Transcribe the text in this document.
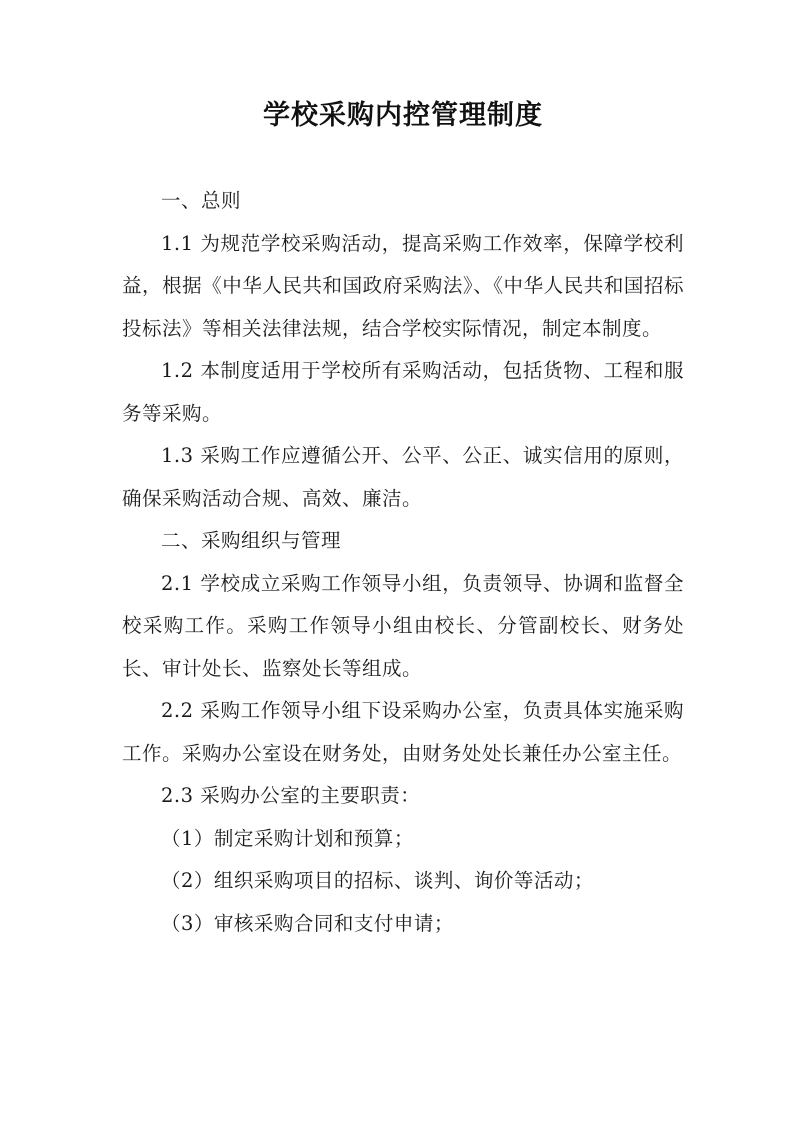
学校采购内控管理制度

一、总则

1.1 为规范学校采购活动，提高采购工作效率，保障学校利益，根据《中华人民共和国政府采购法》、《中华人民共和国招标投标法》等相关法律法规，结合学校实际情况，制定本制度。

1.2 本制度适用于学校所有采购活动，包括货物、工程和服务等采购。

1.3 采购工作应遵循公开、公平、公正、诚实信用的原则，确保采购活动合规、高效、廉洁。

二、采购组织与管理

2.1 学校成立采购工作领导小组，负责领导、协调和监督全校采购工作。采购工作领导小组由校长、分管副校长、财务处长、审计处长、监察处长等组成。

2.2 采购工作领导小组下设采购办公室，负责具体实施采购工作。采购办公室设在财务处，由财务处处长兼任办公室主任。

2.3 采购办公室的主要职责：

（1）制定采购计划和预算；

（2）组织采购项目的招标、谈判、询价等活动；

（3）审核采购合同和支付申请；
